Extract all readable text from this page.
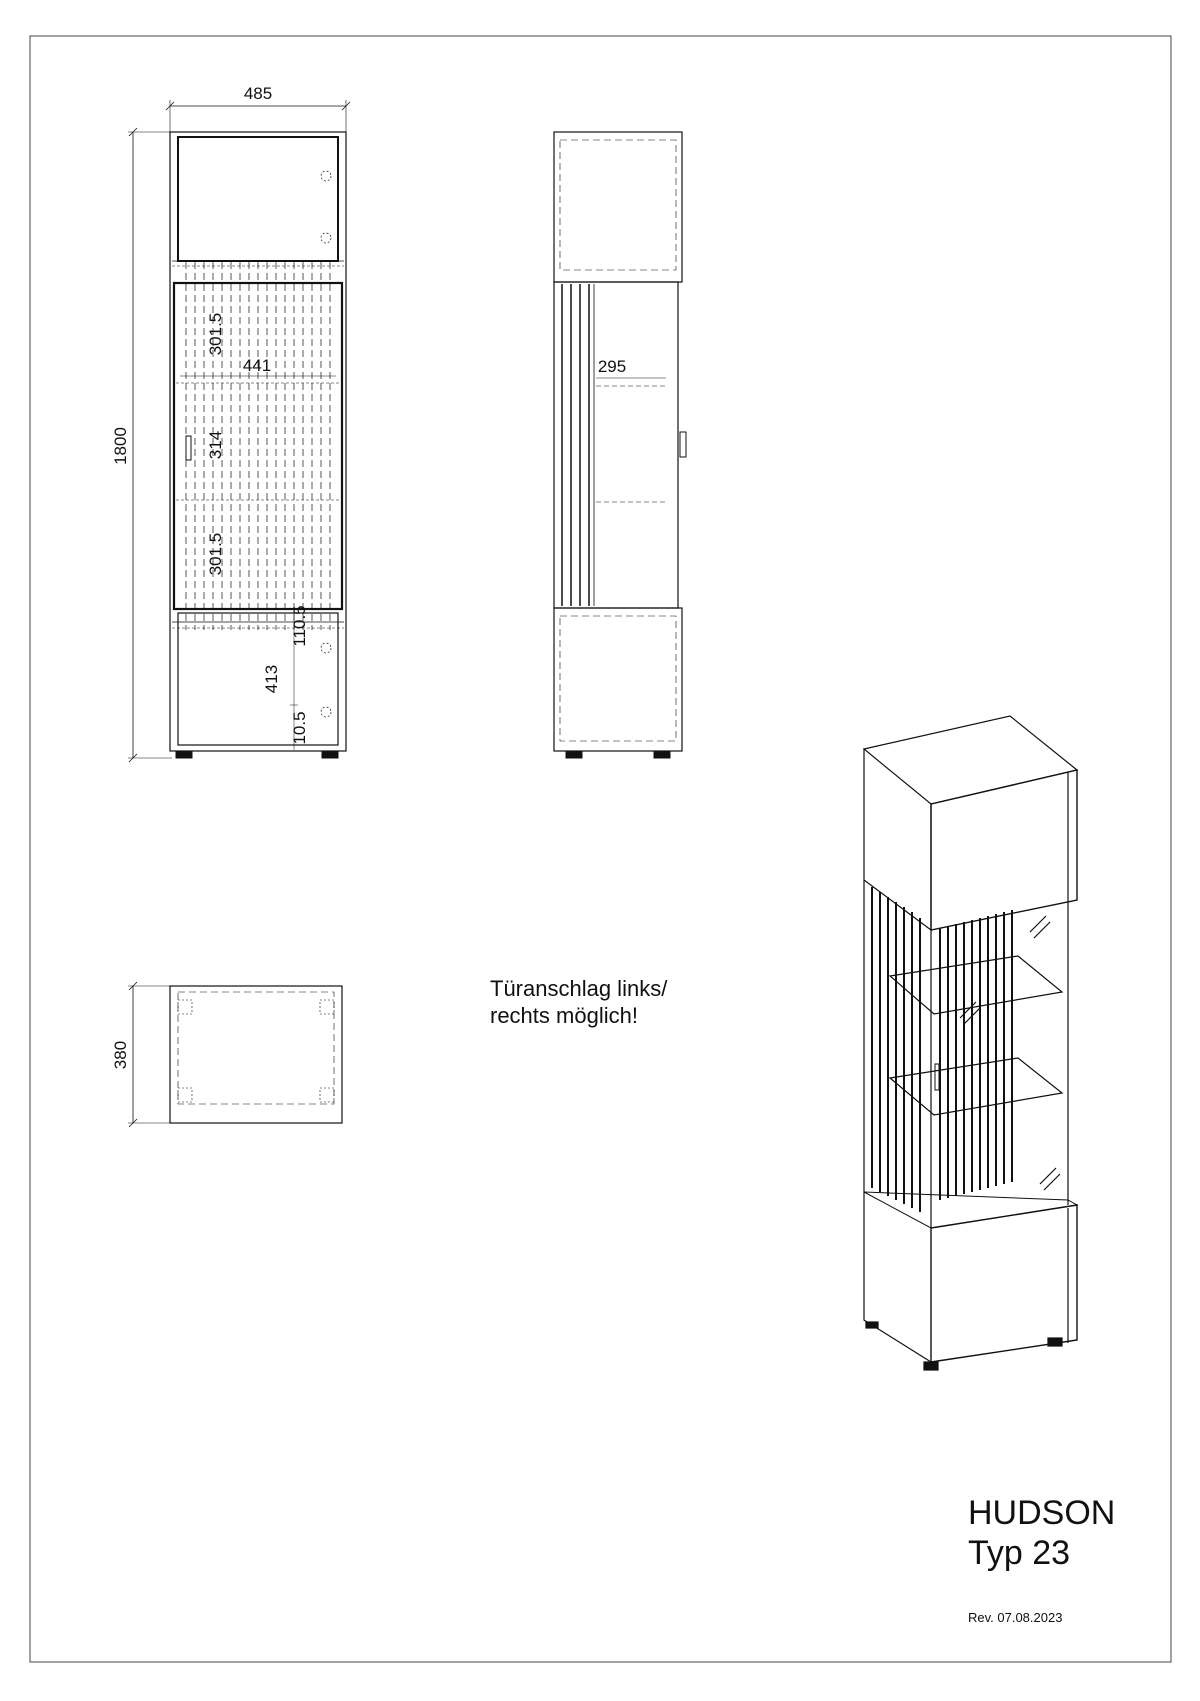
485
1800
441
301.5
314
301.5
110.5
413
10.5
295
380
Türanschlag links/
rechts möglich!
HUDSON
Typ 23
Rev. 07.08.2023
